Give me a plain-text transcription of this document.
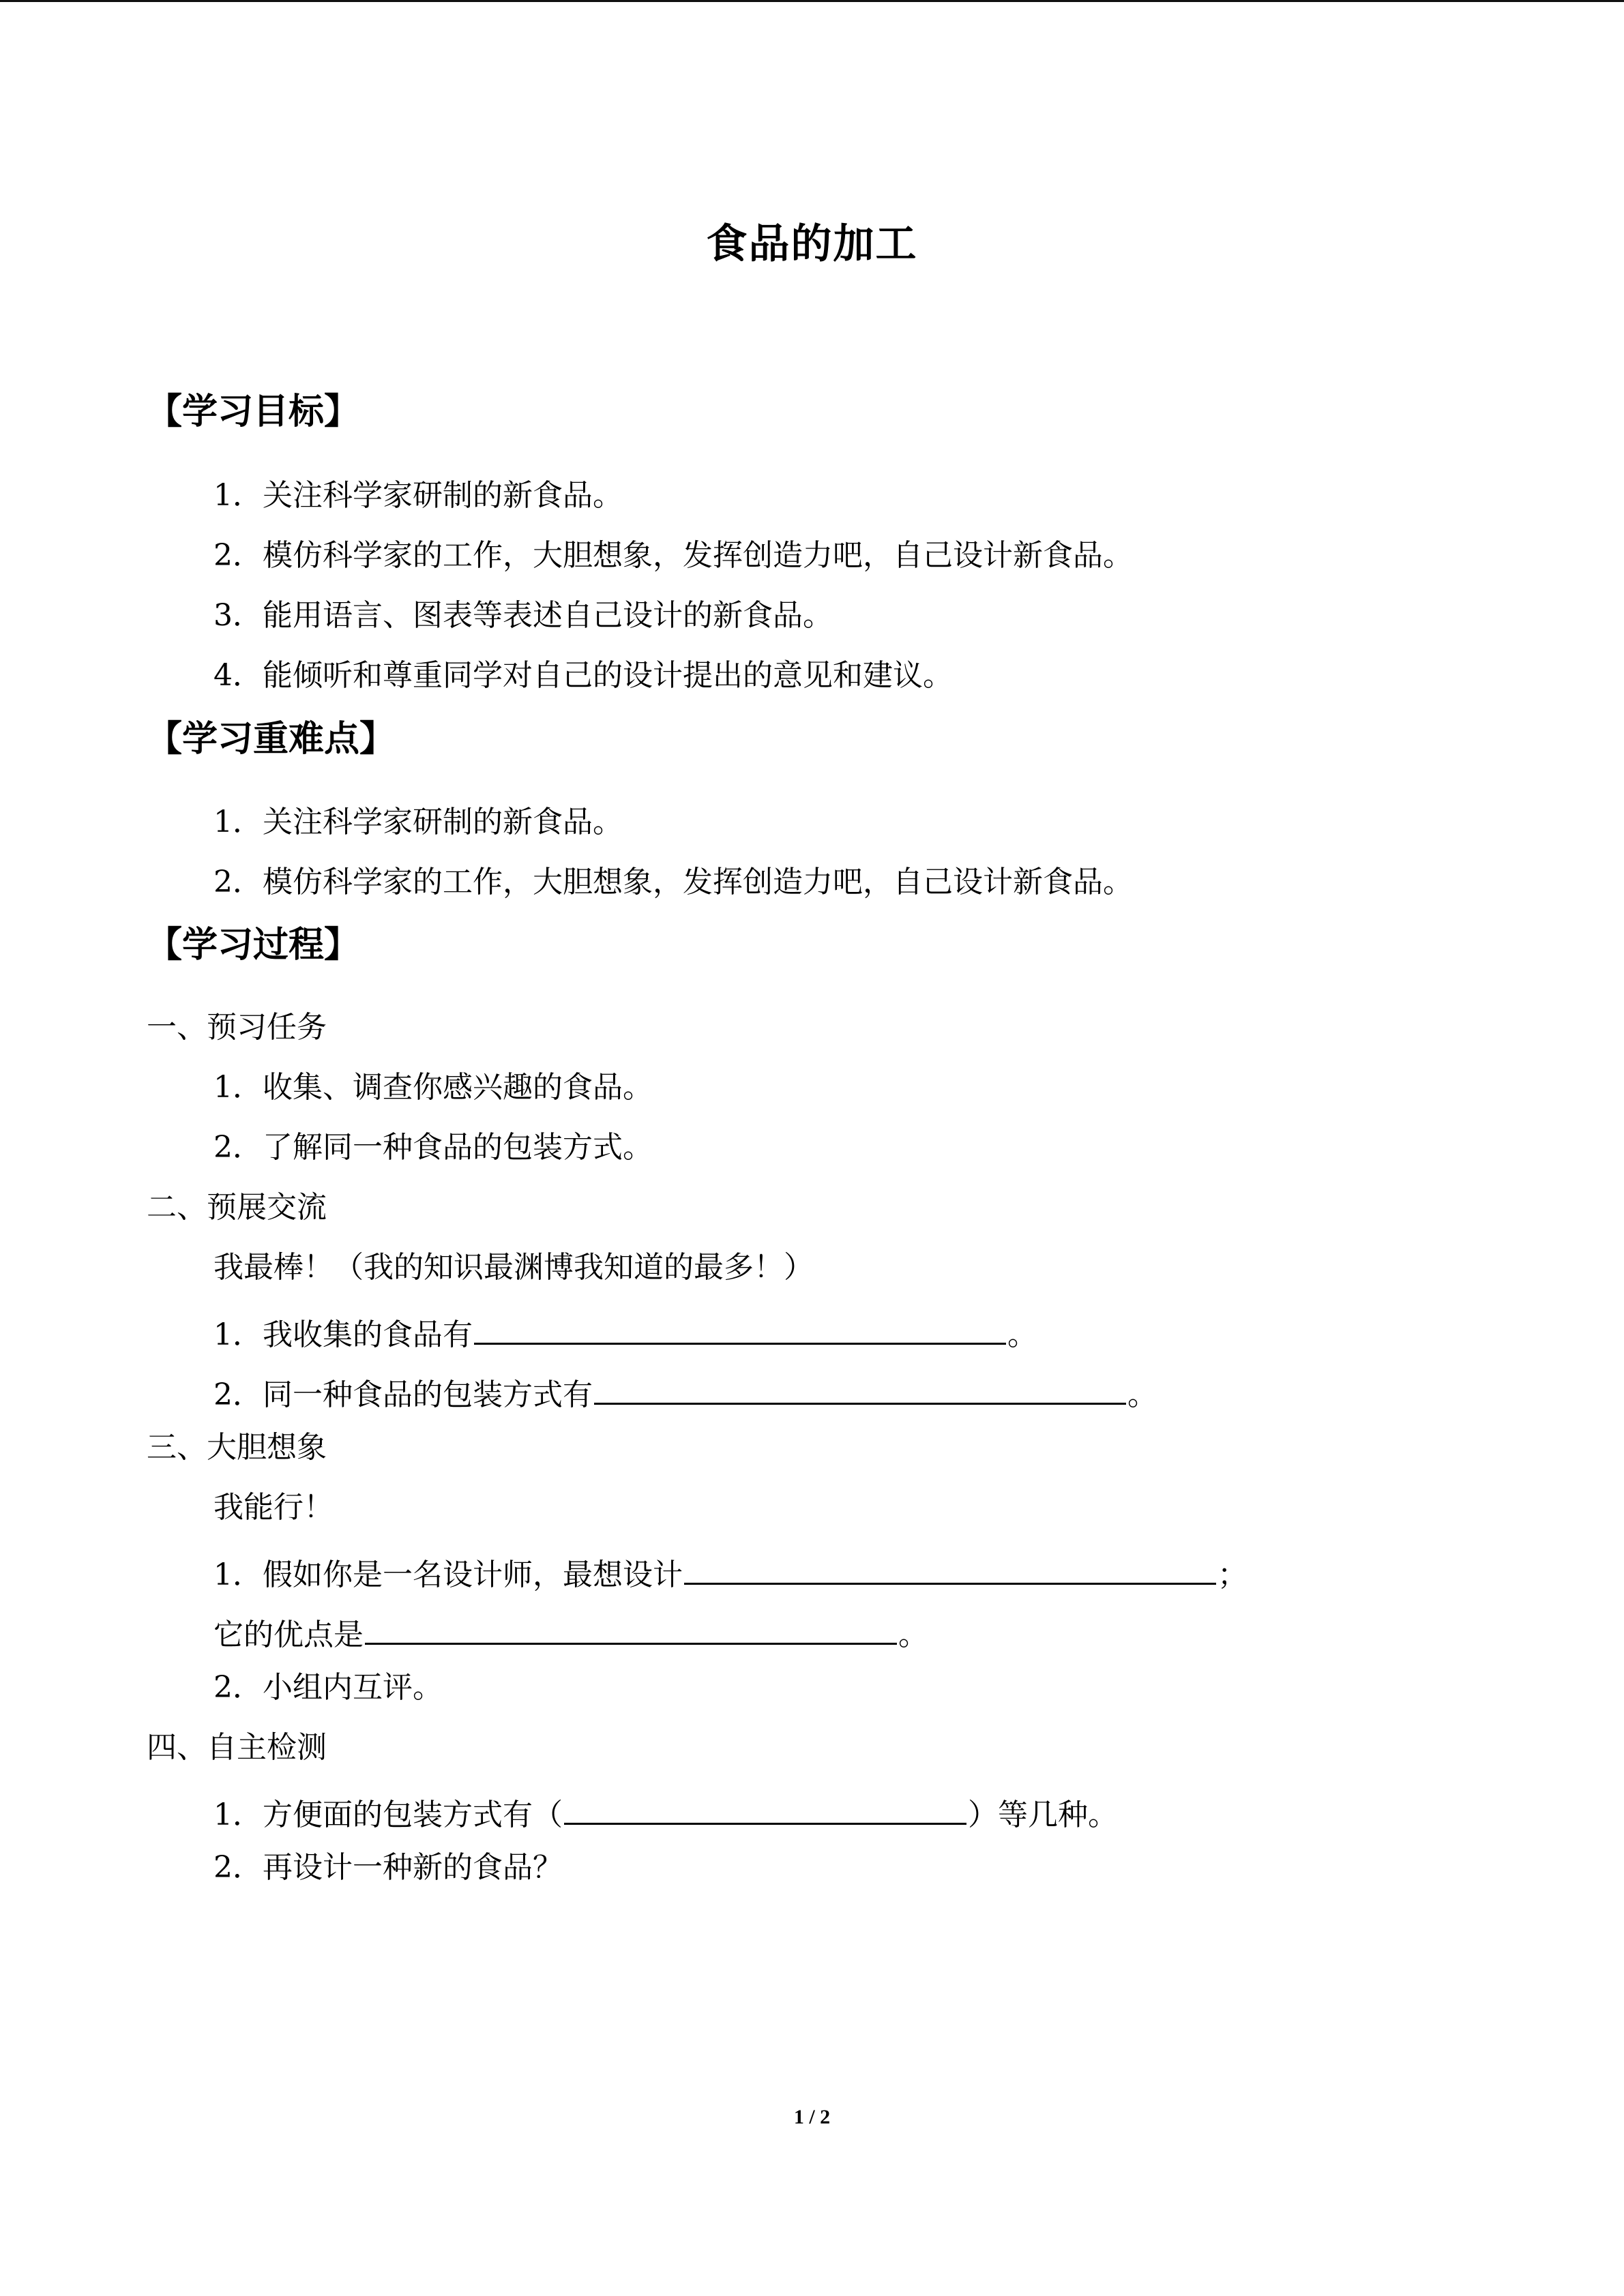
食品的加工
【学习目标】
1．关注科学家研制的新食品。
2．模仿科学家的工作，大胆想象，发挥创造力吧，自己设计新食品。
3．能用语言、图表等表述自己设计的新食品。
4．能倾听和尊重同学对自己的设计提出的意见和建议。
【学习重难点】
1．关注科学家研制的新食品。
2．模仿科学家的工作，大胆想象，发挥创造力吧，自己设计新食品。
【学习过程】
一、预习任务
1．收集、调查你感兴趣的食品。
2．了解同一种食品的包装方式。
二、预展交流
我最棒！（我的知识最渊博我知道的最多！）
1．我收集的食品有	。
2．同一种食品的包装方式有	。
三、大胆想象
我能行！
1．假如你是一名设计师，最想设计	；
它的优点是	。
2．小组内互评。
四、自主检测
1．方便面的包装方式有（	）等几种。
2．再设计一种新的食品？
1 / 2
